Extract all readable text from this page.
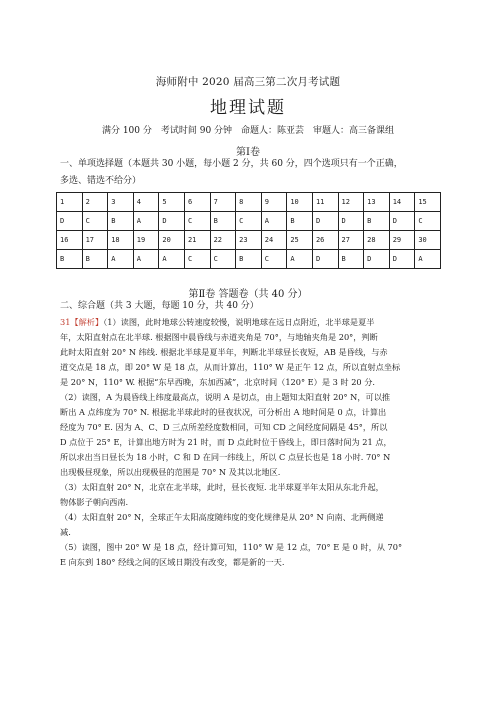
海师附中 2020 届高三第二次月考试题
地理试题
满分 100 分　考试时间 90 分钟　命题人：陈亚芸　审题人：高三备课组
第Ⅰ卷
一、单项选择题（本题共 30 小题，每小题 2 分，共 60 分，四个选项只有一个正确，
多选、错选不给分）
1	2	3	4	5	6	7	8	9	10	11	12	13	14	15
D	C	B	A	D	C	B	C	A	B	D	D	B	D	C
16	17	18	19	20	21	22	23	24	25	26	27	28	29	30
B	B	A	A	A	C	C	B	C	A	D	B	D	D	A
第Ⅱ卷 答题卷（共 40 分）
二、综合题（共 3 大题，每题 10 分，共 40 分）
31【解析】（1）读图，此时地球公转速度较慢，说明地球在远日点附近，北半球是夏半
年，太阳直射点在北半球. 根据图中晨昏线与赤道夹角是 70°，与地轴夹角是 20°，判断
此时太阳直射 20° N 纬线. 根据北半球是夏半年，判断北半球昼长夜短，AB 是昏线，与赤
道交点是 18 点，即 20° W 是 18 点，从而计算出，110° W 是正午 12 点，所以直射点坐标
是 20° N，110° W. 根据“东早西晚，东加西减”，北京时间（120° E）是 3 时 20 分.
（2）读图，A 为晨昏线上纬度最高点，说明 A 是切点，由上题知太阳直射 20° N，可以推
断出 A 点纬度为 70° N. 根据北半球此时的昼夜状况，可分析出 A 地时间是 0 点，计算出
经度为 70° E. 因为 A、C、D 三点所差经度数相同，可知 CD 之间经度间隔是 45°，所以
D 点位于 25° E，计算出地方时为 21 时，而 D 点此时位于昏线上，即日落时间为 21 点，
所以求出当日昼长为 18 小时，C 和 D 在同一纬线上，所以 C 点昼长也是 18 小时. 70° N
出现极昼现象，所以出现极昼的范围是 70° N 及其以北地区.
（3）太阳直射 20° N，北京在北半球，此时，昼长夜短. 北半球夏半年太阳从东北升起，
物体影子朝向西南.
（4）太阳直射 20° N，全球正午太阳高度随纬度的变化规律是从 20° N 向南、北两侧递
减.
（5）读图，图中 20° W 是 18 点，经计算可知，110° W 是 12 点，70° E 是 0 时，从 70°
E 向东到 180° 经线之间的区域日期没有改变，都是新的一天.
